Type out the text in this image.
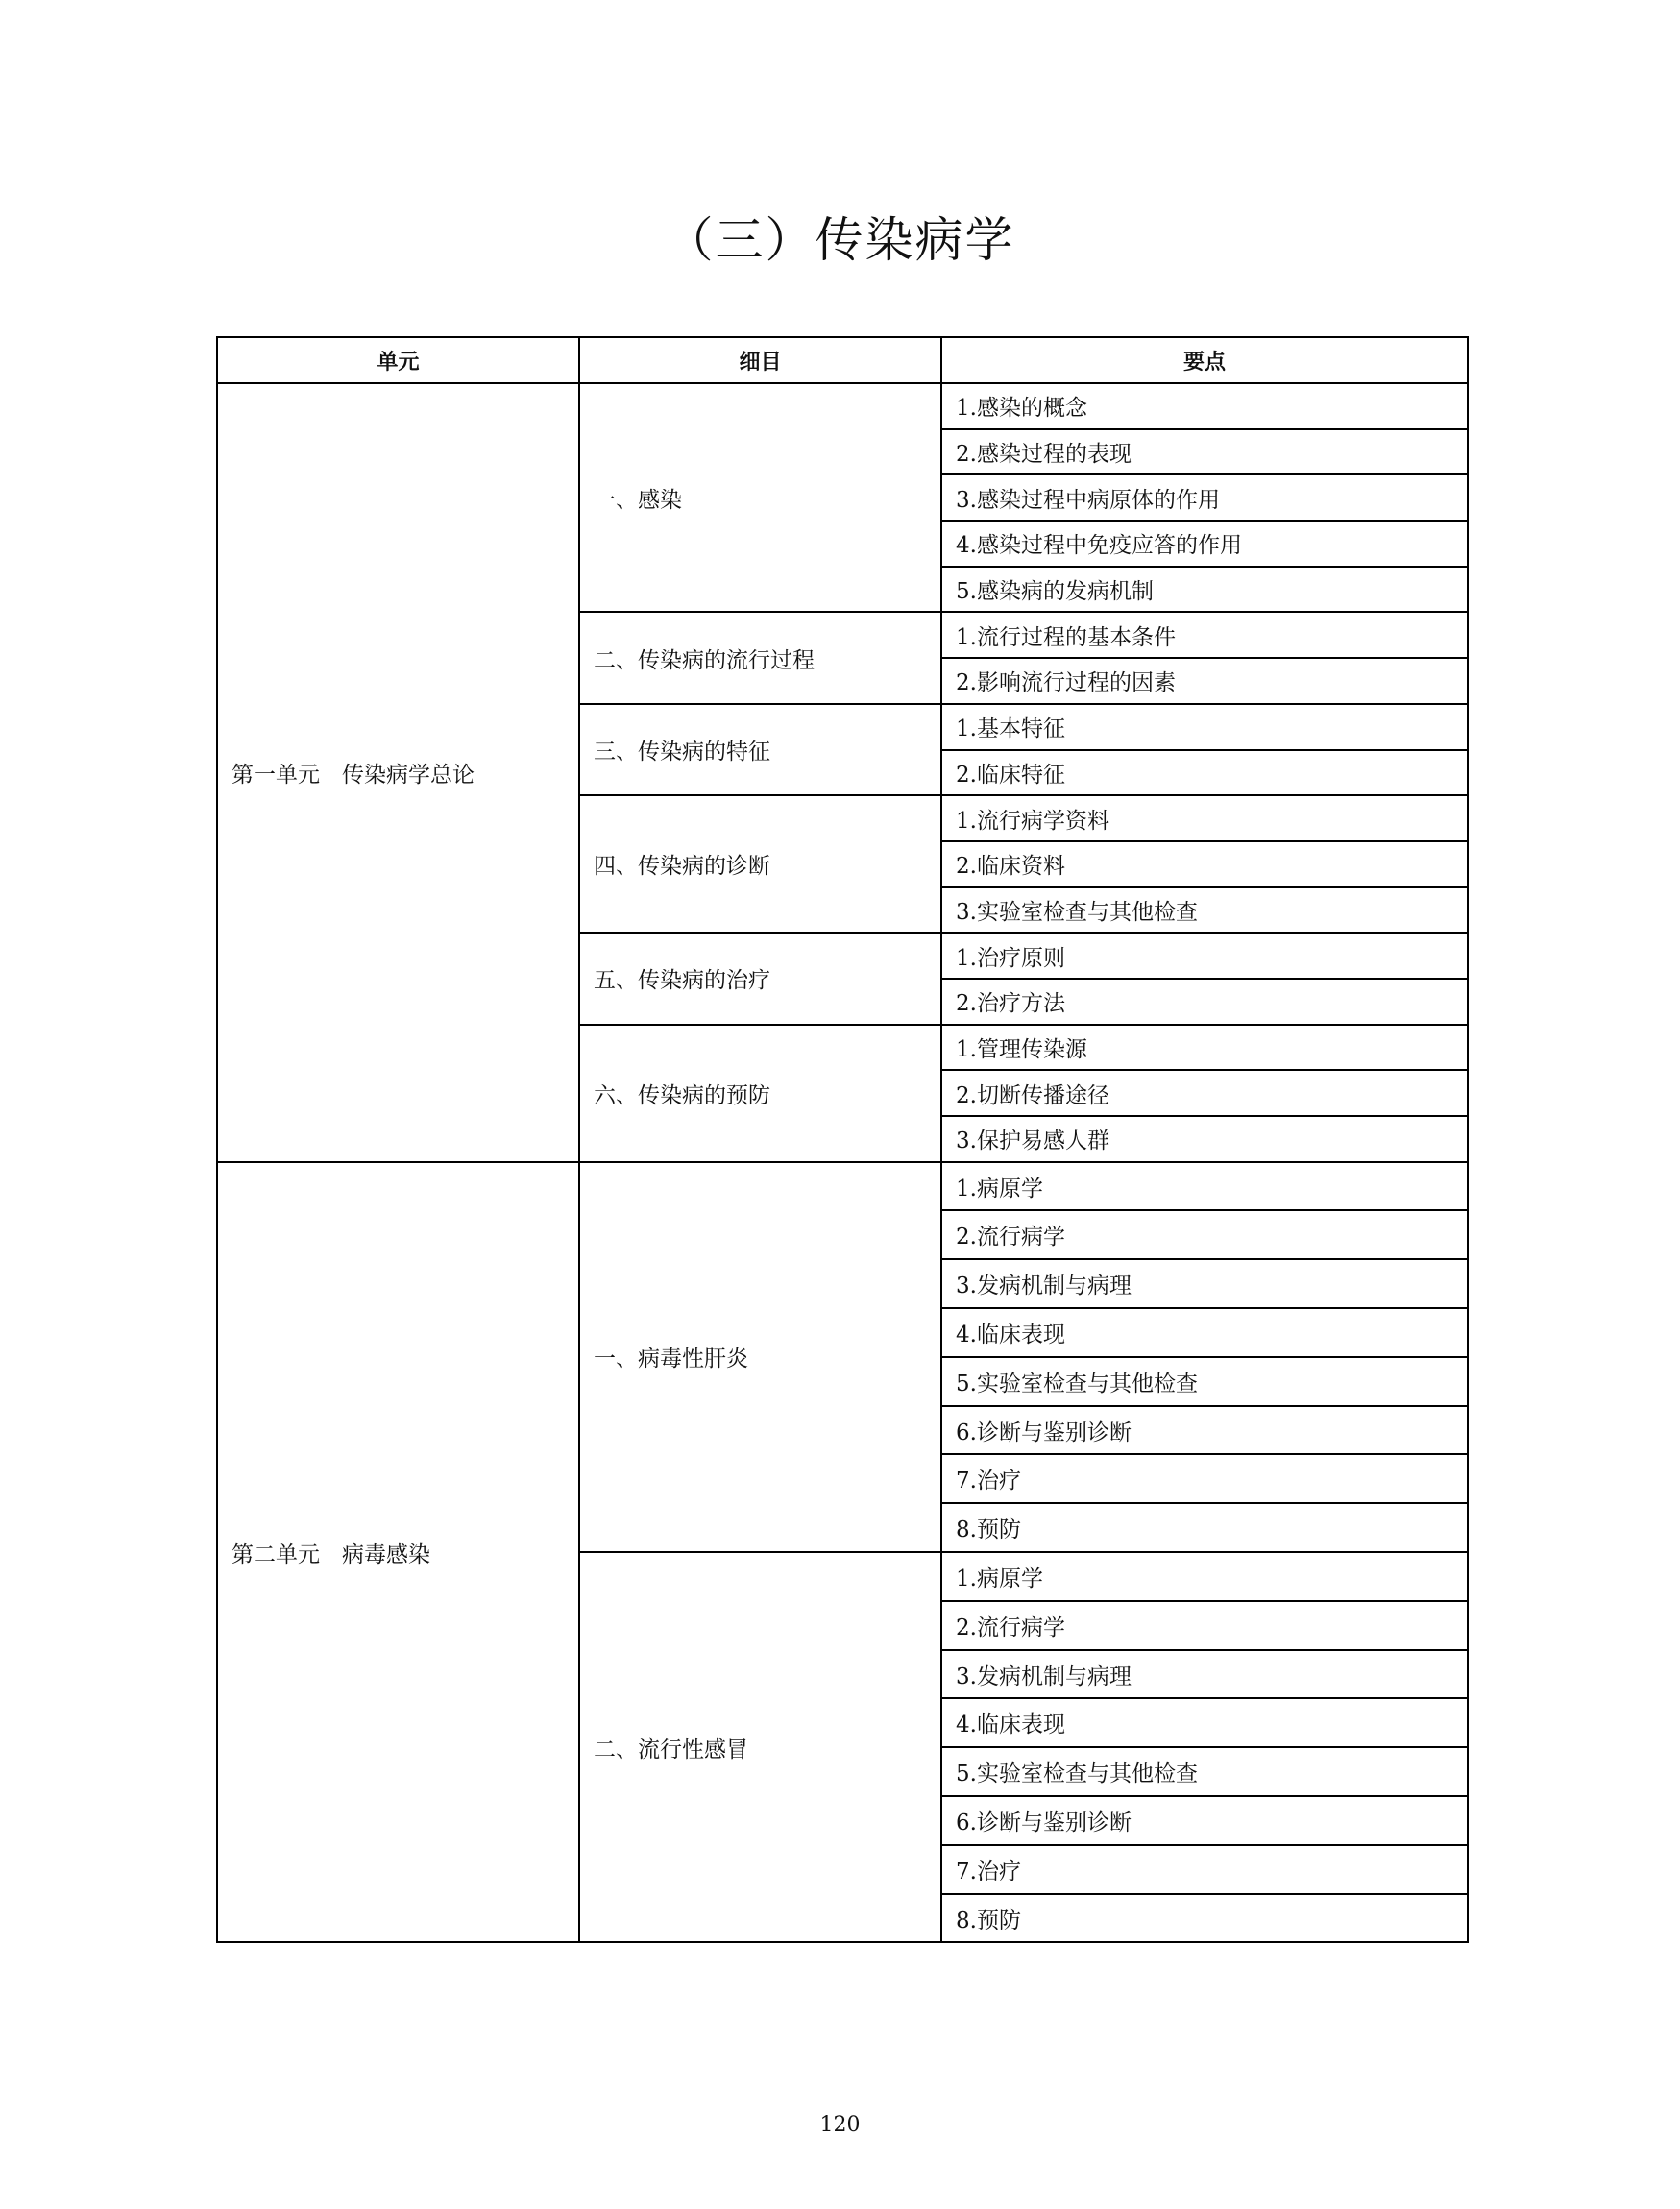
（三）传染病学
单元	细目	要点
第一单元　传染病学总论	一、感染	1.感染的概念
		2.感染过程的表现
		3.感染过程中病原体的作用
		4.感染过程中免疫应答的作用
		5.感染病的发病机制
	二、传染病的流行过程	1.流行过程的基本条件
		2.影响流行过程的因素
	三、传染病的特征	1.基本特征
		2.临床特征
	四、传染病的诊断	1.流行病学资料
		2.临床资料
		3.实验室检查与其他检查
	五、传染病的治疗	1.治疗原则
		2.治疗方法
	六、传染病的预防	1.管理传染源
		2.切断传播途径
		3.保护易感人群
第二单元　病毒感染	一、病毒性肝炎	1.病原学
		2.流行病学
		3.发病机制与病理
		4.临床表现
		5.实验室检查与其他检查
		6.诊断与鉴别诊断
		7.治疗
		8.预防
	二、流行性感冒	1.病原学
		2.流行病学
		3.发病机制与病理
		4.临床表现
		5.实验室检查与其他检查
		6.诊断与鉴别诊断
		7.治疗
		8.预防
120
